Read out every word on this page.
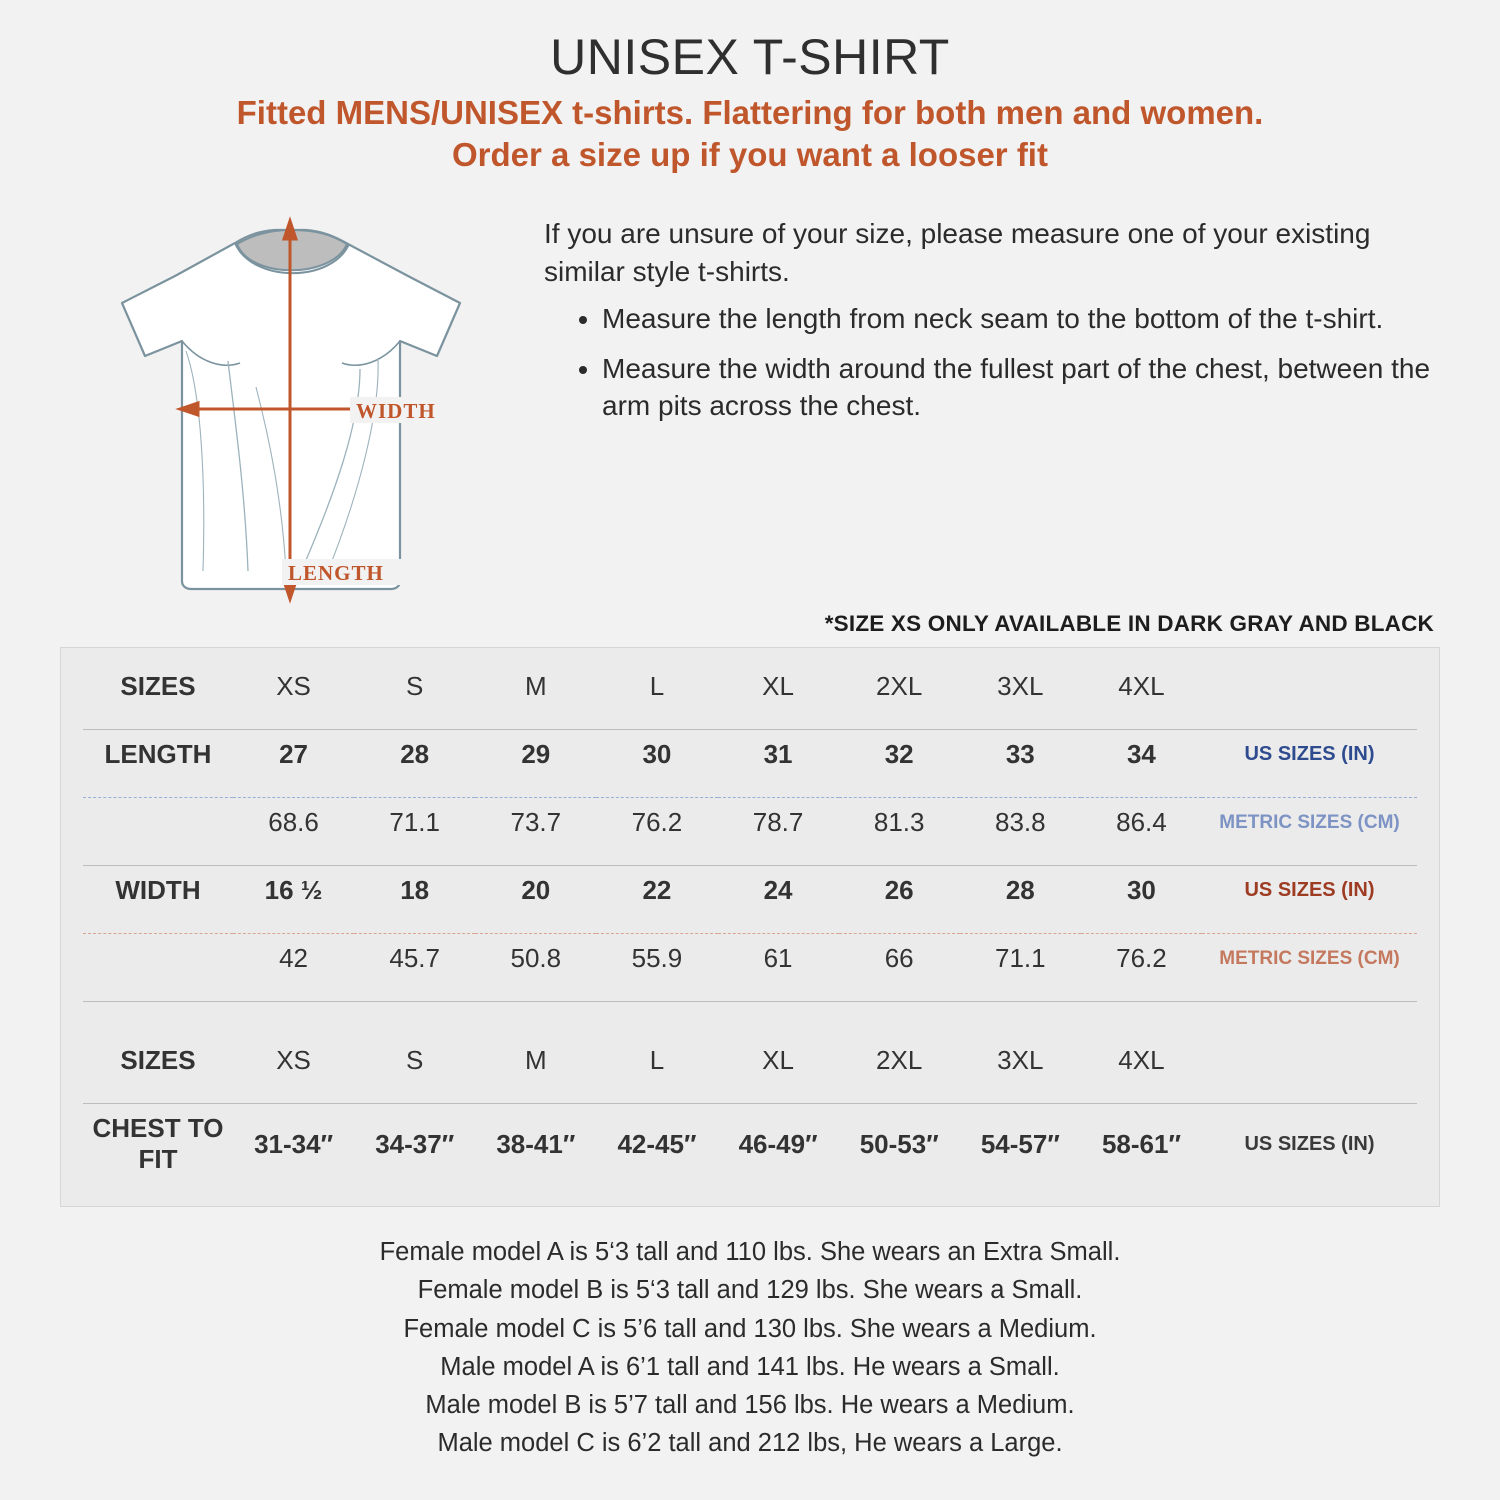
UNISEX T-SHIRT
Fitted MENS/UNISEX t-shirts. Flattering for both men and women.
Order a size up if you want a looser fit
WIDTH
LENGTH

If you are unsure of your size, please measure one of your existing similar style t-shirts.

• Measure the length from neck seam to the bottom of the t-shirt.
• Measure the width around the fullest part of the chest, between the arm pits across the chest.
*SIZE XS ONLY AVAILABLE IN DARK GRAY AND BLACK
SIZES	XS	S	M	L	XL	2XL	3XL	4XL	

LENGTH	27	28	29	30	31	32	33	34	US SIZES (IN)

	68.6	71.1	73.7	76.2	78.7	81.3	83.8	86.4	METRIC SIZES (CM)

WIDTH	16 ½	18	20	22	24	26	28	30	US SIZES (IN)

	42	45.7	50.8	55.9	61	66	71.1	76.2	METRIC SIZES (CM)

SIZES	XS	S	M	L	XL	2XL	3XL	4XL	

CHEST TO FIT	31-34″	34-37″	38-41″	42-45″	46-49″	50-53″	54-57″	58-61″	US SIZES (IN)
Female model A is 5‘3 tall and 110 lbs. She wears an Extra Small.
Female model B is 5‘3 tall and 129 lbs. She wears a Small.
Female model C is 5’6 tall and 130 lbs. She wears a Medium.
Male model A is 6’1 tall and 141 lbs. He wears a Small.
Male model B is 5’7 tall and 156 lbs. He wears a Medium.
Male model C is 6’2 tall and 212 lbs, He wears a Large.
